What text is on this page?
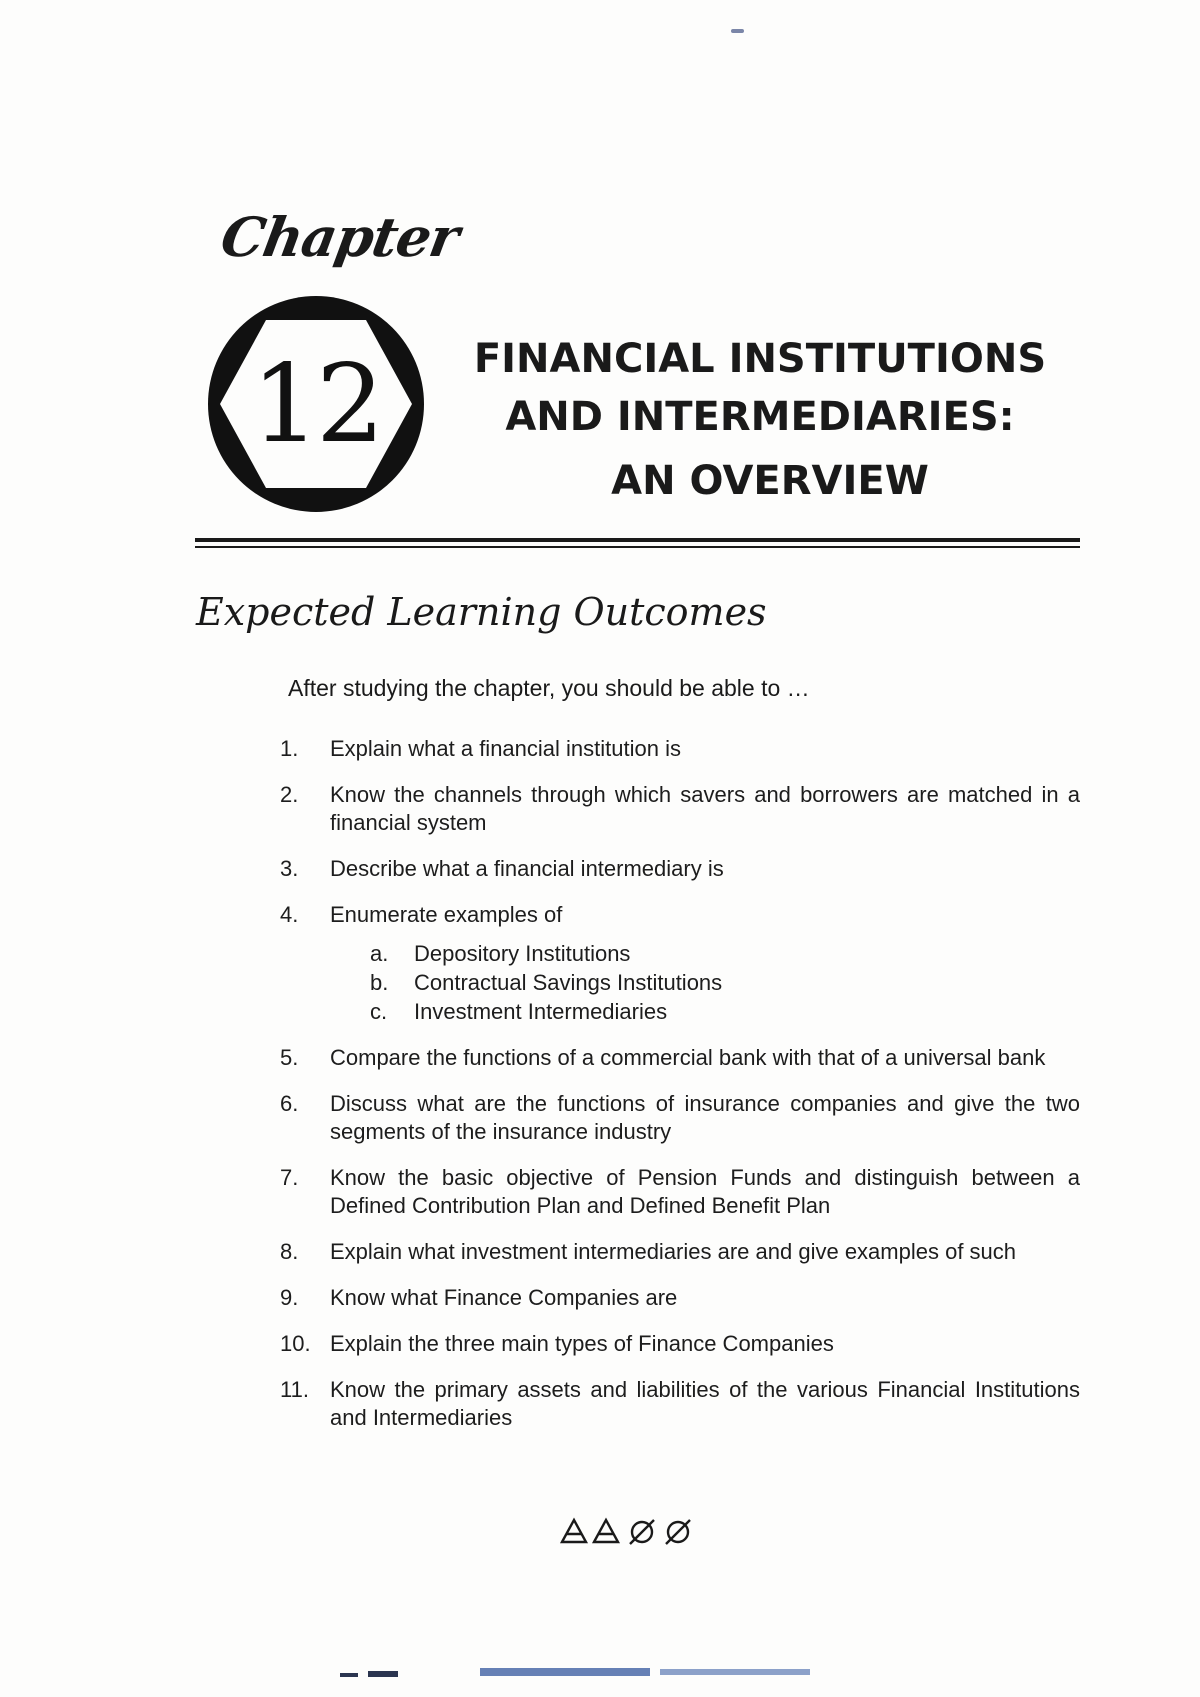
Chapter
12	FINANCIAL INSTITUTIONS
AND INTERMEDIARIES:

AN OVERVIEW
Expected Learning Outcomes
After studying the chapter, you should be able to …
1. Explain what a financial institution is
2. Know the channels through which savers and borrowers are matched in a financial system
3. Describe what a financial intermediary is
4. Enumerate examples of
a. Depository Institutions
b. Contractual Savings Institutions
c. Investment Intermediaries
5. Compare the functions of a commercial bank with that of a universal bank
6. Discuss what are the functions of insurance companies and give the two segments of the insurance industry
7. Know the basic objective of Pension Funds and distinguish between a Defined Contribution Plan and Defined Benefit Plan
8. Explain what investment intermediaries are and give examples of such
9. Know what Finance Companies are
10. Explain the three main types of Finance Companies
11. Know the primary assets and liabilities of the various Financial Institutions and Intermediaries
